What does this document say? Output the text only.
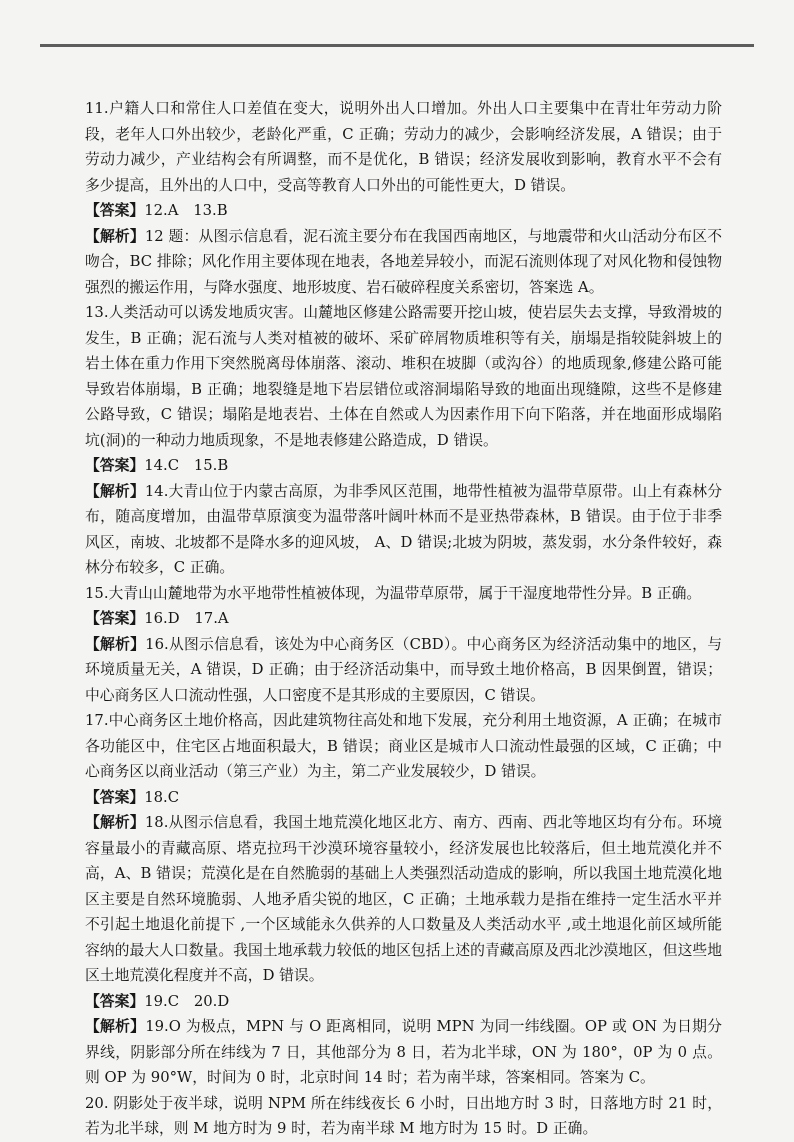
11.户籍人口和常住人口差值在变大，说明外出人口增加。外出人口主要集中在青壮年劳动力阶段，老年人口外出较少，老龄化严重，C 正确；劳动力的减少，会影响经济发展，A 错误；由于劳动力减少，产业结构会有所调整，而不是优化，B 错误；经济发展收到影响，教育水平不会有多少提高，且外出的人口中，受高等教育人口外出的可能性更大，D 错误。

【答案】12.A　13.B

【解析】12 题：从图示信息看，泥石流主要分布在我国西南地区，与地震带和火山活动分布区不吻合，BC 排除；风化作用主要体现在地表，各地差异较小，而泥石流则体现了对风化物和侵蚀物强烈的搬运作用，与降水强度、地形坡度、岩石破碎程度关系密切，答案选 A。

13.人类活动可以诱发地质灾害。山麓地区修建公路需要开挖山坡，使岩层失去支撑，导致滑坡的发生，B 正确；泥石流与人类对植被的破坏、采矿碎屑物质堆积等有关，崩塌是指较陡斜坡上的岩土体在重力作用下突然脱离母体崩落、滚动、堆积在坡脚（或沟谷）的地质现象,修建公路可能导致岩体崩塌，B 正确；地裂缝是地下岩层错位或溶洞塌陷导致的地面出现缝隙，这些不是修建公路导致，C 错误；塌陷是地表岩、土体在自然或人为因素作用下向下陷落，并在地面形成塌陷坑(洞)的一种动力地质现象，不是地表修建公路造成，D 错误。

【答案】14.C　15.B

【解析】14.大青山位于内蒙古高原，为非季风区范围，地带性植被为温带草原带。山上有森林分布，随高度增加，由温带草原演变为温带落叶阔叶林而不是亚热带森林，B 错误。由于位于非季风区，南坡、北坡都不是降水多的迎风坡， A、D 错误;北坡为阴坡，蒸发弱，水分条件较好，森林分布较多，C 正确。

15.大青山山麓地带为水平地带性植被体现，为温带草原带，属于干湿度地带性分异。B 正确。

【答案】16.D　17.A

【解析】16.从图示信息看，该处为中心商务区（CBD）。中心商务区为经济活动集中的地区，与环境质量无关，A 错误，D 正确；由于经济活动集中，而导致土地价格高，B 因果倒置，错误；中心商务区人口流动性强，人口密度不是其形成的主要原因，C 错误。

17.中心商务区土地价格高，因此建筑物往高处和地下发展，充分利用土地资源，A 正确；在城市各功能区中，住宅区占地面积最大，B 错误；商业区是城市人口流动性最强的区域，C 正确；中心商务区以商业活动（第三产业）为主，第二产业发展较少，D 错误。

【答案】18.C

【解析】18.从图示信息看，我国土地荒漠化地区北方、南方、西南、西北等地区均有分布。环境容量最小的青藏高原、塔克拉玛干沙漠环境容量较小，经济发展也比较落后，但土地荒漠化并不高，A、B 错误；荒漠化是在自然脆弱的基础上人类强烈活动造成的影响，所以我国土地荒漠化地区主要是自然环境脆弱、人地矛盾尖锐的地区，C 正确；土地承载力是指在维持一定生活水平并不引起土地退化前提下 ,一个区域能永久供养的人口数量及人类活动水平 ,或土地退化前区域所能容纳的最大人口数量。我国土地承载力较低的地区包括上述的青藏高原及西北沙漠地区，但这些地区土地荒漠化程度并不高，D 错误。

【答案】19.C　20.D

【解析】19.O 为极点，MPN 与 O 距离相同，说明 MPN 为同一纬线圈。OP 或 ON 为日期分界线，阴影部分所在纬线为 7 日，其他部分为 8 日，若为北半球，ON 为 180°，0P 为 0 点。则 OP 为 90°W，时间为 0 时，北京时间 14 时；若为南半球，答案相同。答案为 C。

20. 阴影处于夜半球，说明 NPM 所在纬线夜长 6 小时，日出地方时 3 时，日落地方时 21 时，若为北半球，则 M 地方时为 9 时，若为南半球 M 地方时为 15 时。D 正确。
